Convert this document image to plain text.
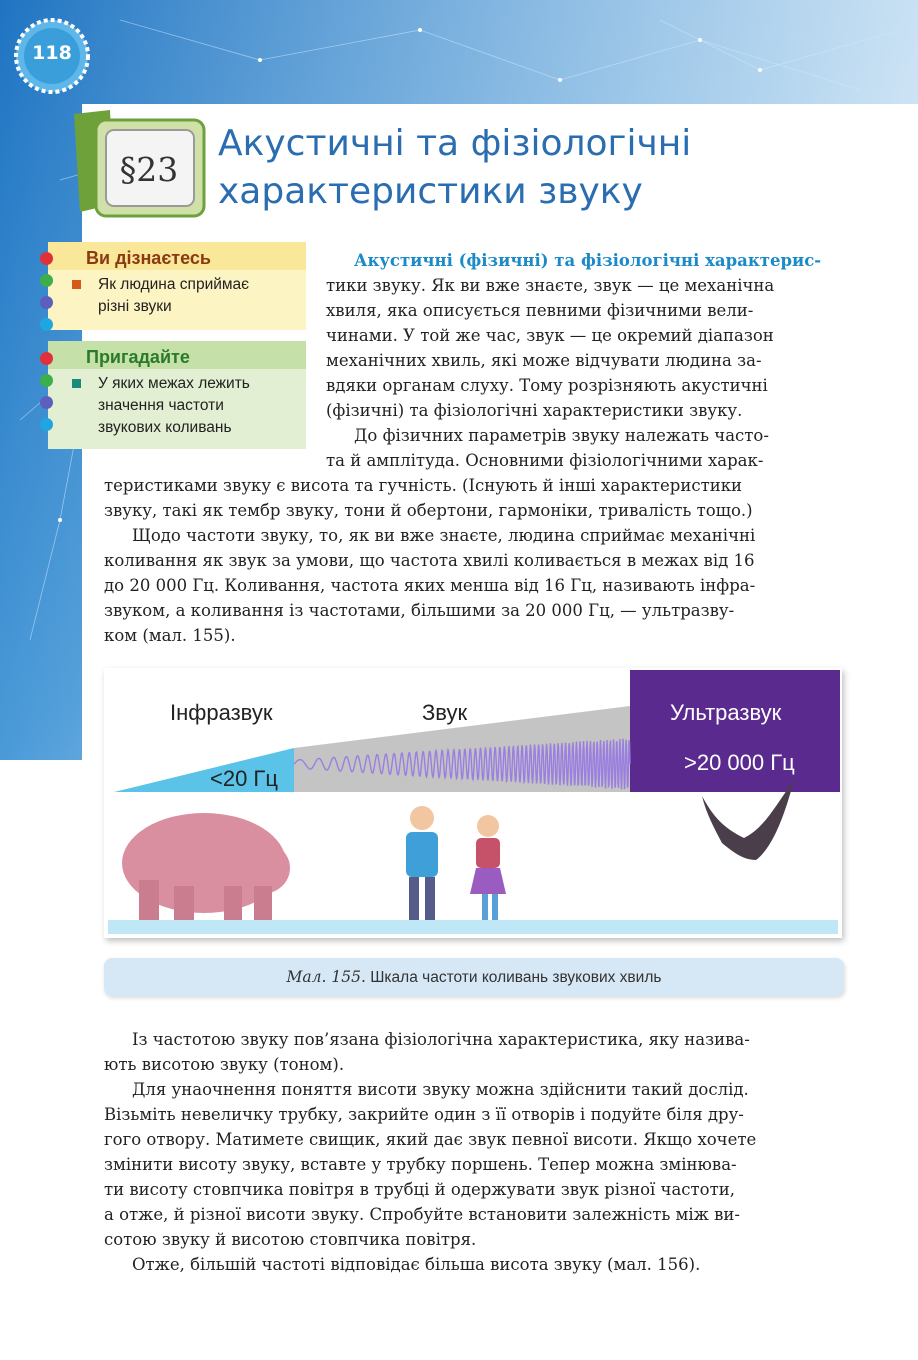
118
§23
Акустичні та фізіологічні
характеристики звуку
Ви дізнаєтесь
Як людина сприймає
різні звуки
Пригадайте
У яких межах лежить
значення частоти
звукових коливань

Акустичні (фізичні) та фізіологічні характерис-

тики звуку. Як ви вже знаєте, звук — це механічна

хвиля, яка описується певними фізичними вели-

чинами. У той же час, звук — це окремий діапазон

механічних хвиль, які може відчувати людина за-

вдяки органам слуху. Тому розрізняють акустичні

(фізичні) та фізіологічні характеристики звуку.

До фізичних параметрів звуку належать частo-

та й амплітуда. Основними фізіологічними харак-

теристиками звуку є висота та гучність. (Існують й інші характеристики

звуку, такі як тембр звуку, тони й обертони, гармоніки, тривалість тощо.)

Щодо частоти звуку, то, як ви вже знаєте, людина сприймає механічні

коливання як звук за умови, що частота хвилі коливається в межах від 16

до 20 000 Гц. Коливання, частота яких менша від 16 Гц, називають інфра-

звуком, а коливання із частотами, більшими за 20 000 Гц, — ультразву-

ком (мал. 155).

Інфразвук	Звук	Ультразвук
<20 Гц
>20 000 Гц
Мал. 155. Шкала частоти коливань звукових хвиль

Із частотою звуку пов’язана фізіологічна характеристика, яку назива-

ють висотою звуку (тоном).

Для унаочнення поняття висоти звуку можна здійснити такий дослід.

Візьміть невеличку трубку, закрийте один з її отворів і подуйте біля дру-

гого отвору. Матимете свищик, який дає звук певної висоти. Якщо хочете

змінити висоту звуку, вставте у трубку поршень. Тепер можна змінюва-

ти висоту стовпчика повітря в трубці й одержувати звук різної частоти,

а отже, й різної висоти звуку. Спробуйте встановити залежність між ви-

сотою звуку й висотою стовпчика повітря.

Отже, більшій частоті відповідає більша висота звуку (мал. 156).
